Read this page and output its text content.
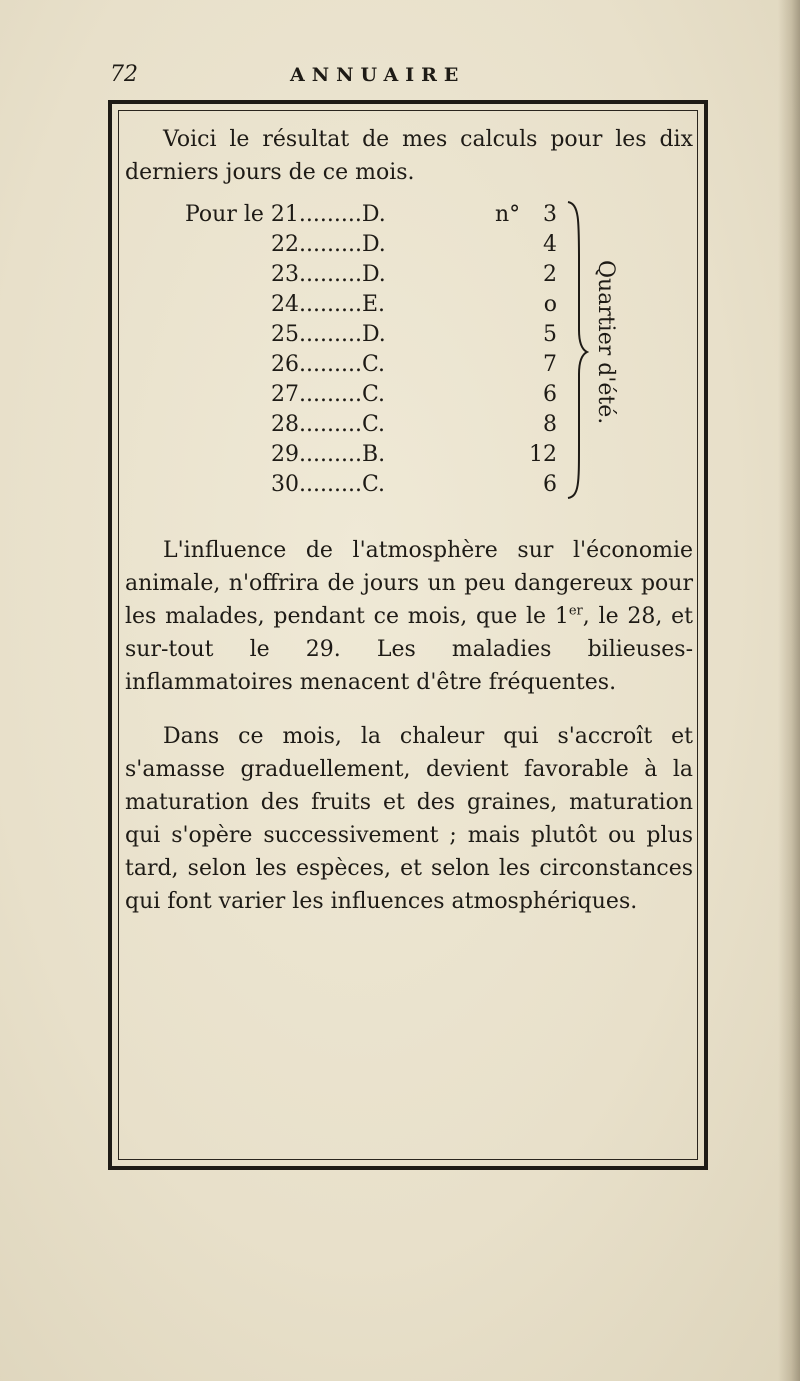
72	ANNUAIRE
Voici le résultat de mes calculs pour les dix derniers jours de ce mois.
Quartier d'été.
Pour le 21.........D.	n°	3
22.........D.	4
23.........D.	2
24.........E.	o
25.........D.	5
26.........C.	7
27.........C.	6
28.........C.	8
29.........B.	12
30.........C.	6
L'influence de l'atmosphère sur l'économie animale, n'offrira de jours un peu dangereux pour les malades, pendant ce mois, que le 1er, le 28, et sur-tout le 29. Les maladies bilieuses-inflammatoires menacent d'être fréquentes.
Dans ce mois, la chaleur qui s'accroît et s'amasse graduellement, devient favorable à la maturation des fruits et des graines, maturation qui s'opère successivement ; mais plutôt ou plus tard, selon les espèces, et selon les circonstances qui font varier les influences atmosphériques.
